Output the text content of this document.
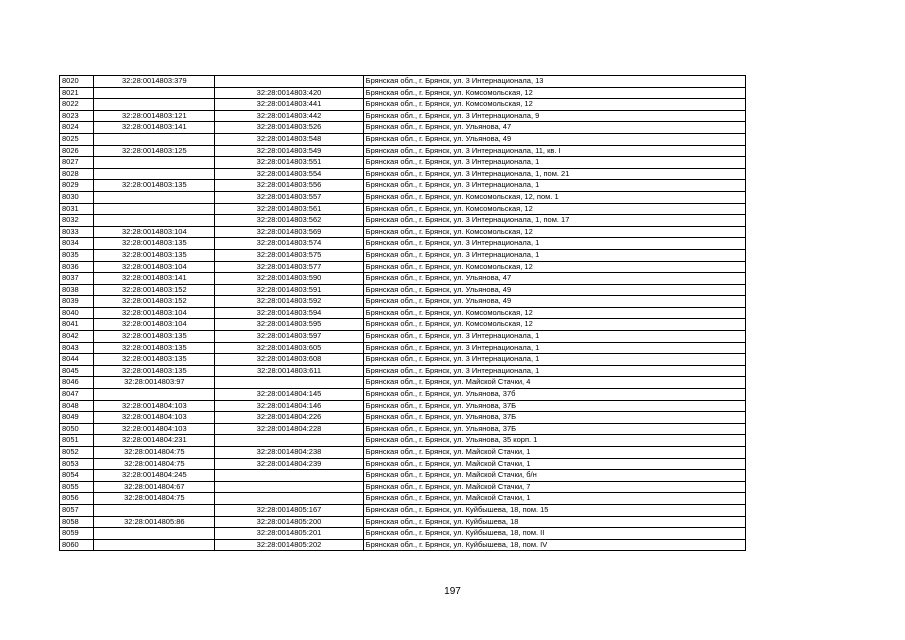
8020	32:28:0014803:379		Брянская обл., г. Брянск, ул. 3 Интернационала, 13
8021		32:28:0014803:420	Брянская обл., г. Брянск, ул. Комсомольская, 12
8022		32:28:0014803:441	Брянская обл., г. Брянск, ул. Комсомольская, 12
8023	32:28:0014803:121	32:28:0014803:442	Брянская обл., г. Брянск, ул. 3 Интернационала, 9
8024	32:28:0014803:141	32:28:0014803:526	Брянская обл., г. Брянск, ул. Ульянова, 47
8025		32:28:0014803:548	Брянская обл., г. Брянск, ул. Ульянова, 49
8026	32:28:0014803:125	32:28:0014803:549	Брянская обл., г. Брянск, ул. 3 Интернационала, 11, кв. I
8027		32:28:0014803:551	Брянская обл., г. Брянск, ул. 3 Интернационала, 1
8028		32:28:0014803:554	Брянская обл., г. Брянск, ул. 3 Интернационала, 1, пом. 21
8029	32:28:0014803:135	32:28:0014803:556	Брянская обл., г. Брянск, ул. 3 Интернационала, 1
8030		32:28:0014803:557	Брянская обл., г. Брянск, ул. Комсомольская, 12, пом. 1
8031		32:28:0014803:561	Брянская обл., г. Брянск, ул. Комсомольская, 12
8032		32:28:0014803:562	Брянская обл., г. Брянск, ул. 3 Интернационала, 1, пом. 17
8033	32:28:0014803:104	32:28:0014803:569	Брянская обл., г. Брянск, ул. Комсомольская, 12
8034	32:28:0014803:135	32:28:0014803:574	Брянская обл., г. Брянск, ул. 3 Интернационала, 1
8035	32:28:0014803:135	32:28:0014803:575	Брянская обл., г. Брянск, ул. 3 Интернационала, 1
8036	32:28:0014803:104	32:28:0014803:577	Брянская обл., г. Брянск, ул. Комсомольская, 12
8037	32:28:0014803:141	32:28:0014803:590	Брянская обл., г. Брянск, ул. Ульянова, 47
8038	32:28:0014803:152	32:28:0014803:591	Брянская обл., г. Брянск, ул. Ульянова, 49
8039	32:28:0014803:152	32:28:0014803:592	Брянская обл., г. Брянск, ул. Ульянова, 49
8040	32:28:0014803:104	32:28:0014803:594	Брянская обл., г. Брянск, ул. Комсомольская, 12
8041	32:28:0014803:104	32:28:0014803:595	Брянская обл., г. Брянск, ул. Комсомольская, 12
8042	32:28:0014803:135	32:28:0014803:597	Брянская обл., г. Брянск, ул. 3 Интернационала, 1
8043	32:28:0014803:135	32:28:0014803:605	Брянская обл., г. Брянск, ул. 3 Интернационала, 1
8044	32:28:0014803:135	32:28:0014803:608	Брянская обл., г. Брянск, ул. 3 Интернационала, 1
8045	32:28:0014803:135	32:28:0014803:611	Брянская обл., г. Брянск, ул. 3 Интернационала, 1
8046	32:28:0014803:97		Брянская обл., г. Брянск, ул. Майской Стачки, 4
8047		32:28:0014804:145	Брянская обл., г. Брянск, ул. Ульянова, 37б
8048	32:28:0014804:103	32:28:0014804:146	Брянская обл., г. Брянск, ул. Ульянова, 37Б
8049	32:28:0014804:103	32:28:0014804:226	Брянская обл., г. Брянск, ул. Ульянова, 37Б
8050	32:28:0014804:103	32:28:0014804:228	Брянская обл., г. Брянск, ул. Ульянова, 37Б
8051	32:28:0014804:231		Брянская обл., г. Брянск, ул. Ульянова, 35 корп. 1
8052	32:28:0014804:75	32:28:0014804:238	Брянская обл., г. Брянск, ул. Майской Стачки, 1
8053	32:28:0014804:75	32:28:0014804:239	Брянская обл., г. Брянск, ул. Майской Стачки, 1
8054	32:28:0014804:245		Брянская обл., г. Брянск, ул. Майской Стачки, б/н
8055	32:28:0014804:67		Брянская обл., г. Брянск, ул. Майской Стачки, 7
8056	32:28:0014804:75		Брянская обл., г. Брянск, ул. Майской Стачки, 1
8057		32:28:0014805:167	Брянская обл., г. Брянск, ул. Куйбышева, 18, пом. 15
8058	32:28:0014805:86	32:28:0014805:200	Брянская обл., г. Брянск, ул. Куйбышева, 18
8059		32:28:0014805:201	Брянская обл., г. Брянск, ул. Куйбышева, 18, пом. II
8060		32:28:0014805:202	Брянская обл., г. Брянск, ул. Куйбышева, 18, пом. IV
197
